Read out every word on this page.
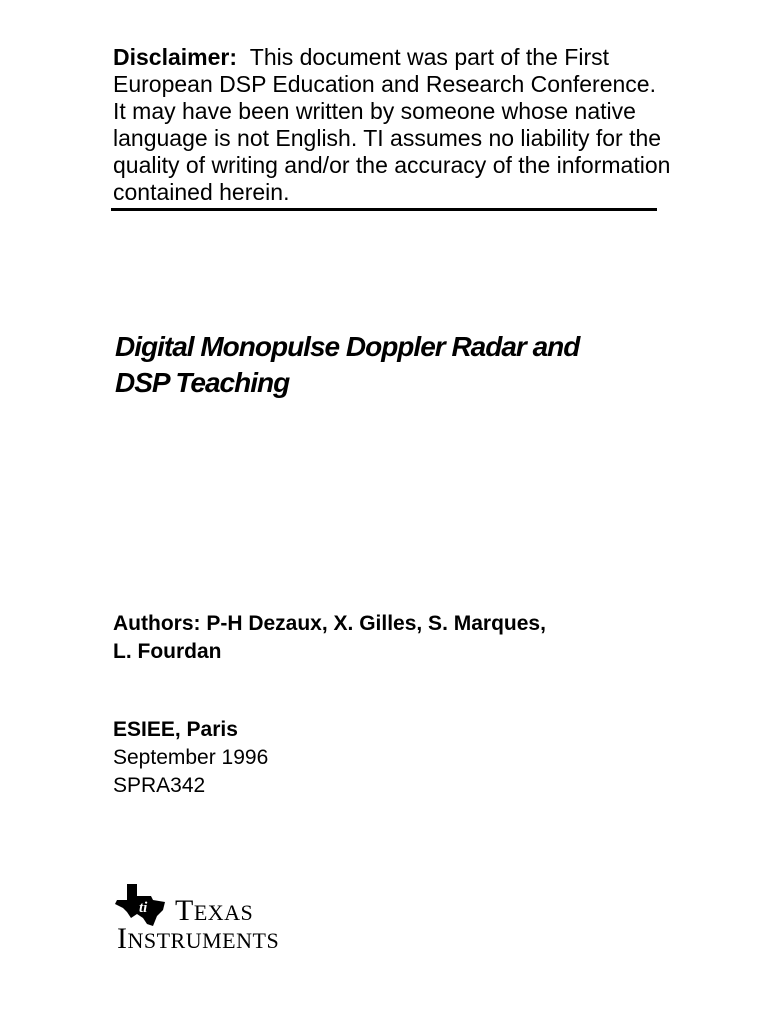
Disclaimer: This document was part of the First European DSP Education and Research Conference. It may have been written by someone whose native language is not English. TI assumes no liability for the quality of writing and/or the accuracy of the information contained herein.

Digital Monopulse Doppler Radar and
DSP Teaching

Authors: P-H Dezaux, X. Gilles, S. Marques,
L. Fourdan

ESIEE, Paris
September 1996
SPRA342
ti TEXAS
INSTRUMENTS
